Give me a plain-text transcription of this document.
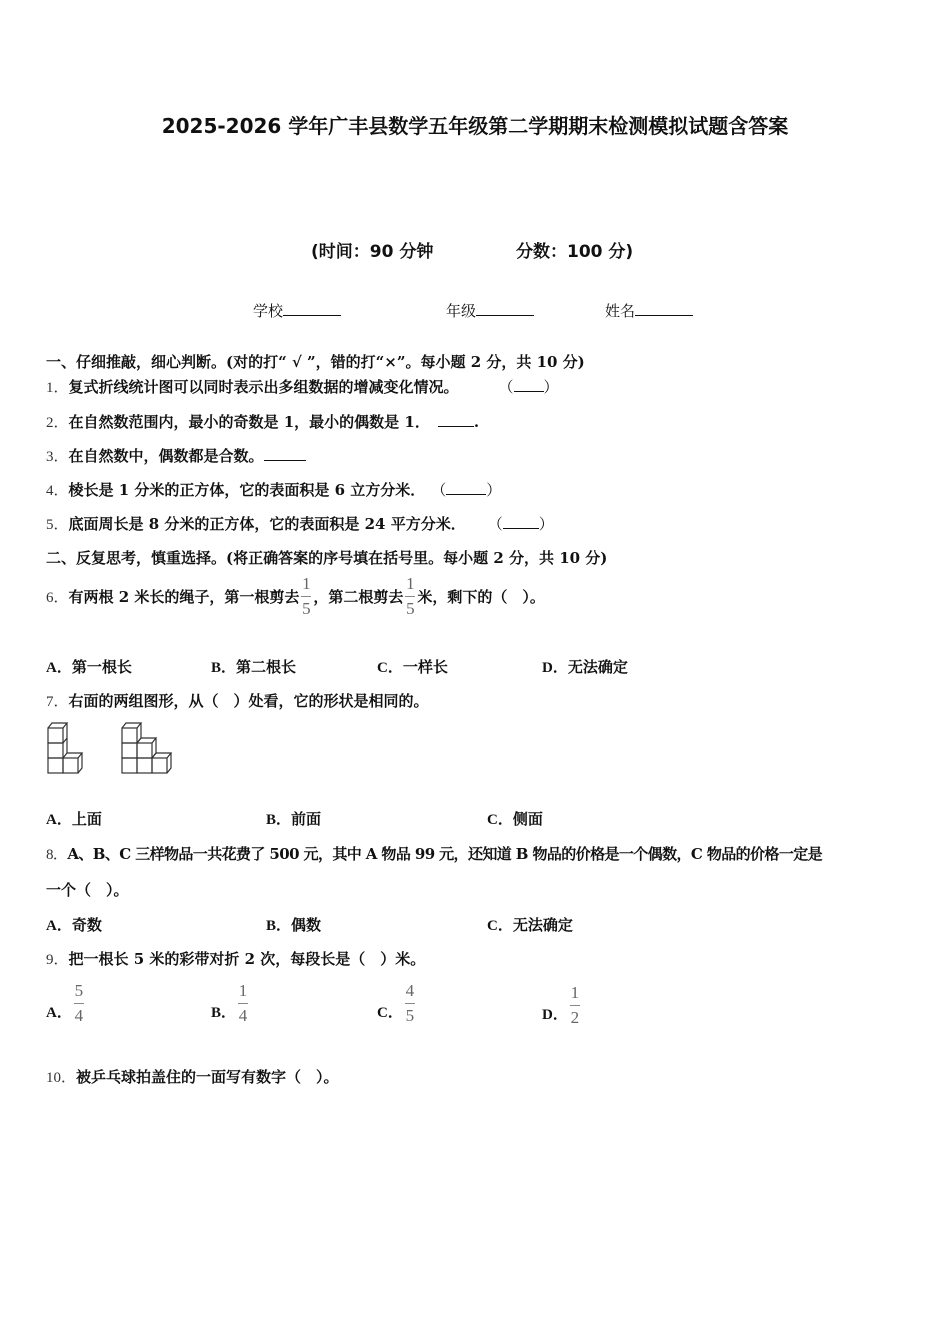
2025-2026 学年广丰县数学五年级第二学期期末检测模拟试题含答案
(时间：90 分钟	分数：100 分)
学校	年级	姓名
一、仔细推敲，细心判断。(对的打“ √ ”，错的打“×”。每小题 2 分，共 10 分)
1．复式折线统计图可以同时表示出多组数据的增减变化情况。	（ ）
2．在自然数范围内，最小的奇数是 1，最小的偶数是 1．	.
3．在自然数中，偶数都是合数。
4．棱长是 1 分米的正方体，它的表面积是 6 立方分米． （	）
5．底面周长是 8 分米的正方体，它的表面积是 24 平方分米． （ ）
二、反复思考，慎重选择。(将正确答案的序号填在括号里。每小题 2 分，共 10 分)
6． 有两根 2 米长的绳子，第一根剪去 $\frac{1}{5}$ ，第二根剪去 $\frac{1}{5}$ 米，剩下的（　）。
A．第一根长	B．第二根长	C．一样长	D．无法确定
7．右面的两组图形，从（　）处看，它的形状是相同的。
A．上面	B．前面	C．侧面
8．A、B、C 三样物品一共花费了 500 元，其中 A 物品 99 元，还知道 B 物品的价格是一个偶数，C 物品的价格一定是
一个（　）。
A．奇数	B．偶数	C．无法确定
9．把一根长 5 米的彩带对折 2 次，每段长是（　）米。
A． $\frac{5}{4}$	B． $\frac{1}{4}$	C． $\frac{4}{5}$	D． $\frac{1}{2}$
10．被乒乓球拍盖住的一面写有数字（　）。
